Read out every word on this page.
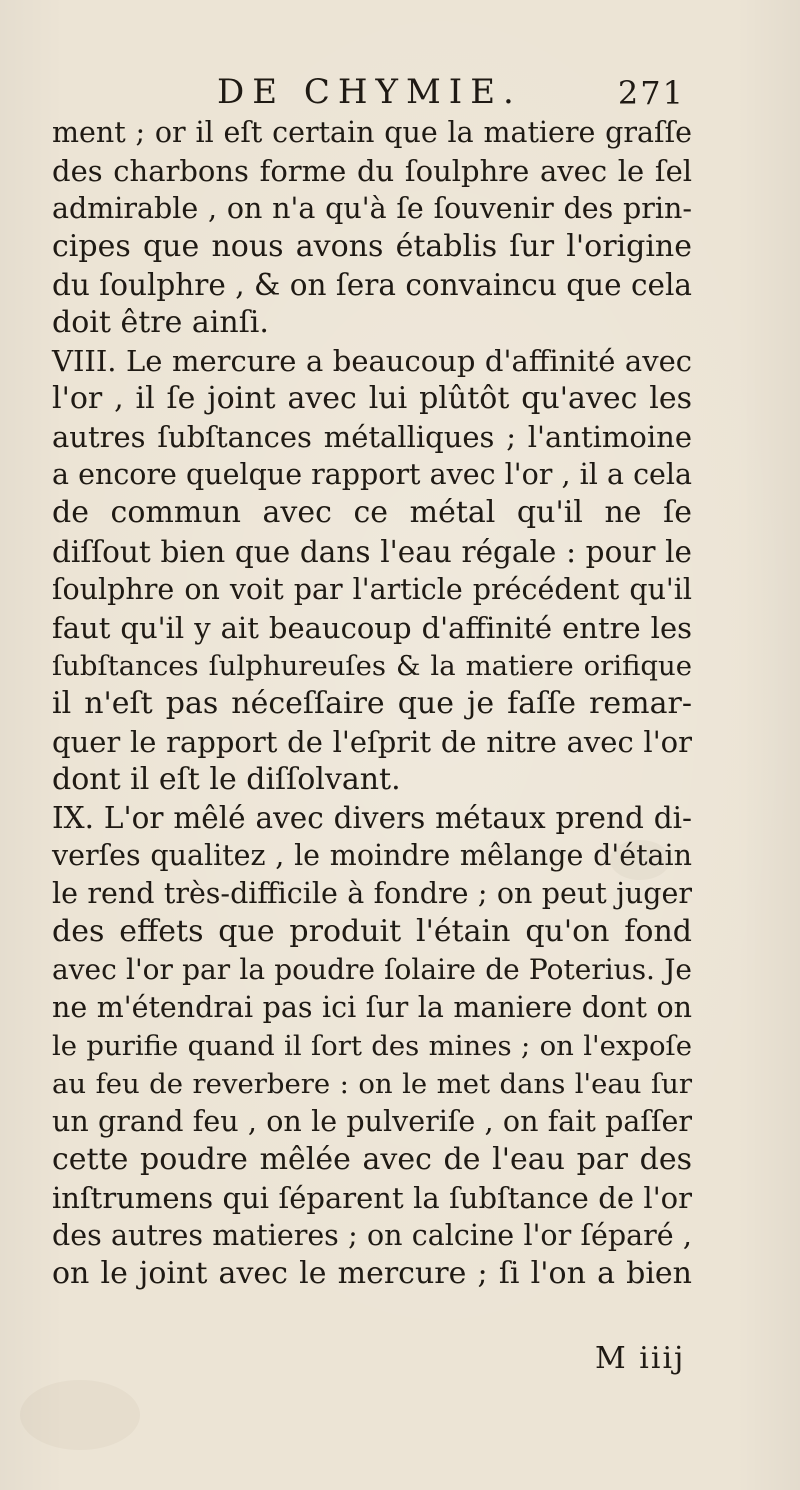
DE CHYMIE.	271
ment ; or il eſt certain que la matiere graſſe
des charbons forme du ſoulphre avec le ſel
admirable , on n'a qu'à ſe ſouvenir des prin-
cipes que nous avons établis ſur l'origine
du ſoulphre , & on ſera convaincu que cela
doit être ainſi.
VIII. Le mercure a beaucoup d'affinité avec
l'or , il ſe joint avec lui plûtôt qu'avec les
autres ſubſtances métalliques ; l'antimoine
a encore quelque rapport avec l'or , il a cela
de commun avec ce métal qu'il ne ſe
diſſout bien que dans l'eau régale : pour le
ſoulphre on voit par l'article précédent qu'il
faut qu'il y ait beaucoup d'affinité entre les
ſubſtances ſulphureuſes & la matiere orifique
il n'eſt pas néceſſaire que je faſſe remar-
quer le rapport de l'eſprit de nitre avec l'or
dont il eſt le diſſolvant.
IX. L'or mêlé avec divers métaux prend di-
verſes qualitez , le moindre mêlange d'étain
le rend très-difficile à fondre ; on peut juger
des effets que produit l'étain qu'on fond
avec l'or par la poudre ſolaire de Poterius. Je
ne m'étendrai pas ici ſur la maniere dont on
le purifie quand il ſort des mines ; on l'expoſe
au feu de reverbere : on le met dans l'eau ſur
un grand feu , on le pulveriſe , on fait paſſer
cette poudre mêlée avec de l'eau par des
inſtrumens qui ſéparent la ſubſtance de l'or
des autres matieres ; on calcine l'or ſéparé ,
on le joint avec le mercure ; ſi l'on a bien
M iiij
